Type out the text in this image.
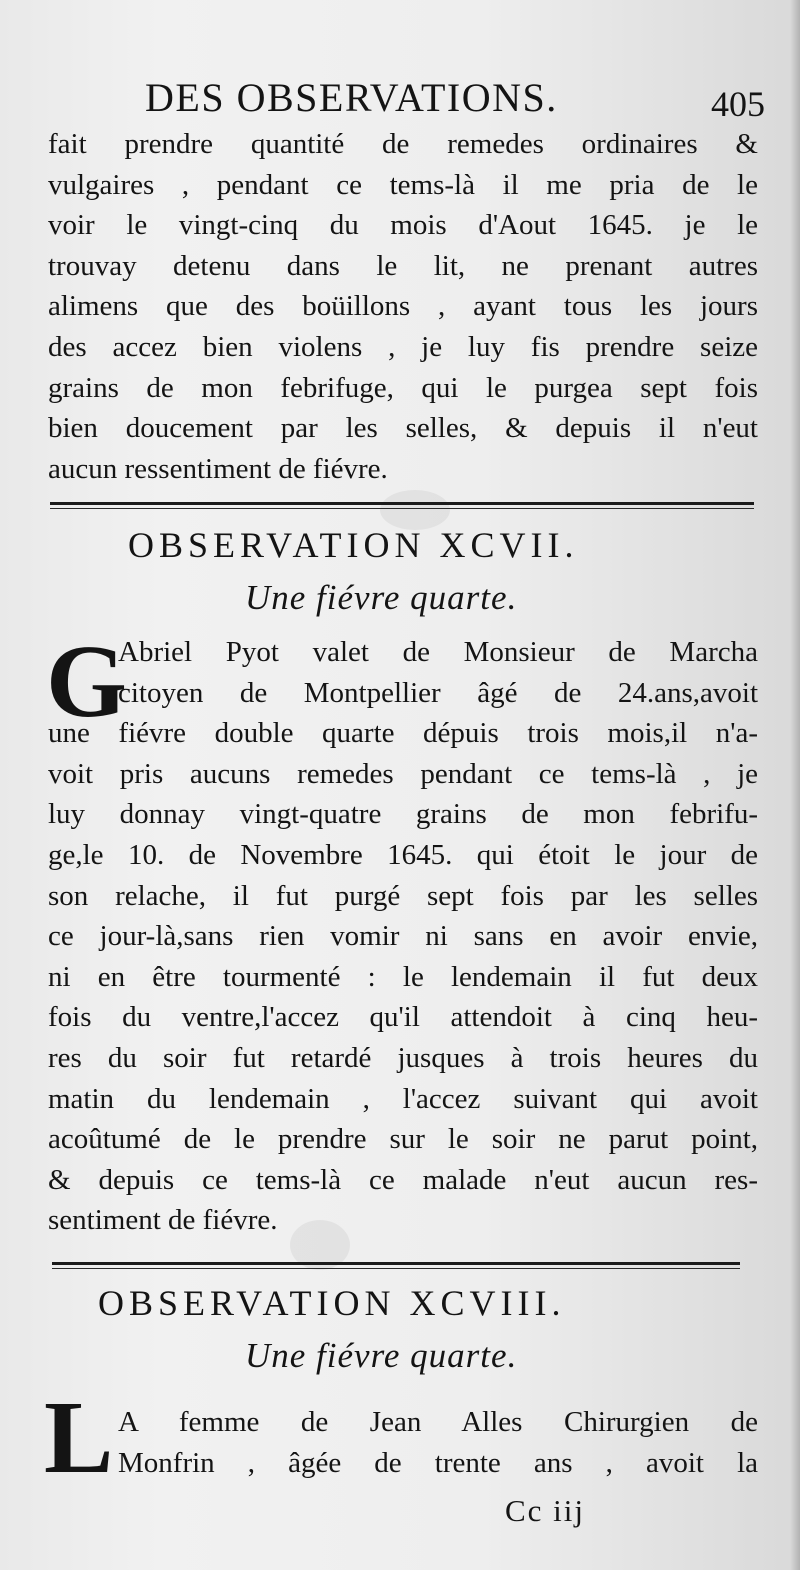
DES OBSERVATIONS.	405
fait prendre quantité de remedes ordinaires &
vulgaires , pendant ce tems-là il me pria de le
voir le vingt-cinq du mois d'Aout 1645. je le
trouvay detenu dans le lit, ne prenant autres
alimens que des boüillons , ayant tous les jours
des accez bien violens , je luy fis prendre seize
grains de mon febrifuge, qui le purgea sept fois
bien doucement par les selles, & depuis il n'eut
aucun ressentiment de fiévre.
OBSERVATION XCVII.
Une fiévre quarte.
G
Abriel Pyot valet de Monsieur de Marcha
citoyen de Montpellier âgé de 24.ans,avoit
une fiévre double quarte dépuis trois mois,il n'a-
voit pris aucuns remedes pendant ce tems-là , je
luy donnay vingt-quatre grains de mon febrifu-
ge,le 10. de Novembre 1645. qui étoit le jour de
son relache, il fut purgé sept fois par les selles
ce jour-là,sans rien vomir ni sans en avoir envie,
ni en être tourmenté : le lendemain il fut deux
fois du ventre,l'accez qu'il attendoit à cinq heu-
res du soir fut retardé jusques à trois heures du
matin du lendemain , l'accez suivant qui avoit
acoûtumé de le prendre sur le soir ne parut point,
& depuis ce tems-là ce malade n'eut aucun res-
sentiment de fiévre.
OBSERVATION XCVIII.
Une fiévre quarte.
L A femme de Jean Alles Chirurgien de
Monfrin , âgée de trente ans , avoit la
Cc iij
